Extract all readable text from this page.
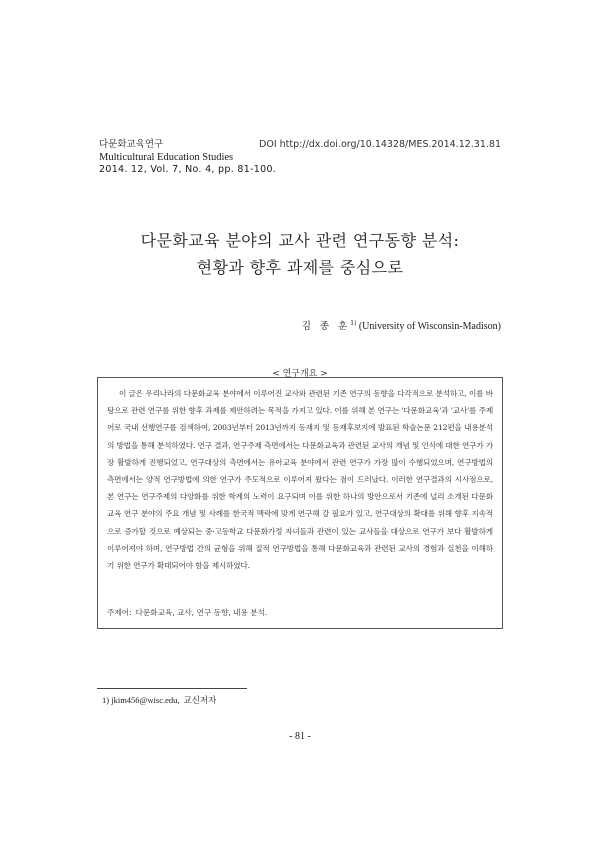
다문화교육연구	DOI http://dx.doi.org/10.14328/MES.2014.12.31.81
Multicultural Education Studies
2014. 12, Vol. 7, No. 4, pp. 81-100.
다문화교육 분야의 교사 관련 연구동향 분석:
현황과 향후 과제를 중심으로
김 종 훈$^{1)}$ (University of Wisconsin-Madison)
< 연구개요 >

이 글은 우리나라의 다문화교육 분야에서 이루어진 교사와 관련된 기존 연구의 동향을 다각적으로 분석하고, 이를 바탕으로 관련 연구를 위한 향후 과제를 제안하려는 목적을 가지고 있다. 이를 위해 본 연구는 '다문화교육'과 '교사'를 주제어로 국내 선행연구를 검색하여, 2003년부터 2013년까지 등재지 및 등재후보지에 발표된 학술논문 212편을 내용분석의 방법을 통해 분석하였다. 연구 결과, 연구주제 측면에서는 다문화교육과 관련된 교사의 개념 및 인식에 대한 연구가 가장 활발하게 진행되었고, 연구대상의 측면에서는 유아교육 분야에서 관련 연구가 가장 많이 수행되었으며, 연구방법의 측면에서는 양적 연구방법에 의한 연구가 주도적으로 이루어져 왔다는 점이 드러났다. 이러한 연구결과의 시사점으로, 본 연구는 연구주제의 다양화를 위한 학계의 노력이 요구되며 이를 위한 하나의 방안으로서 기존에 널리 소개된 다문화교육 연구 분야의 주요 개념 및 사례를 한국적 맥락에 맞게 연구해 갈 필요가 있고, 연구대상의 확대를 위해 향후 지속적으로 증가할 것으로 예상되는 중·고등학교 다문화가정 자녀들과 관련이 있는 교사들을 대상으로 연구가 보다 활발하게 이루어져야 하며, 연구방법 간의 균형을 위해 질적 연구방법을 통해 다문화교육과 관련된 교사의 경험과 실천을 이해하기 위한 연구가 확대되어야 함을 제시하였다.

주제어: 다문화교육, 교사, 연구 동향, 내용 분석.
1) jkim456@wisc.edu, 교신저자
- 81 -
